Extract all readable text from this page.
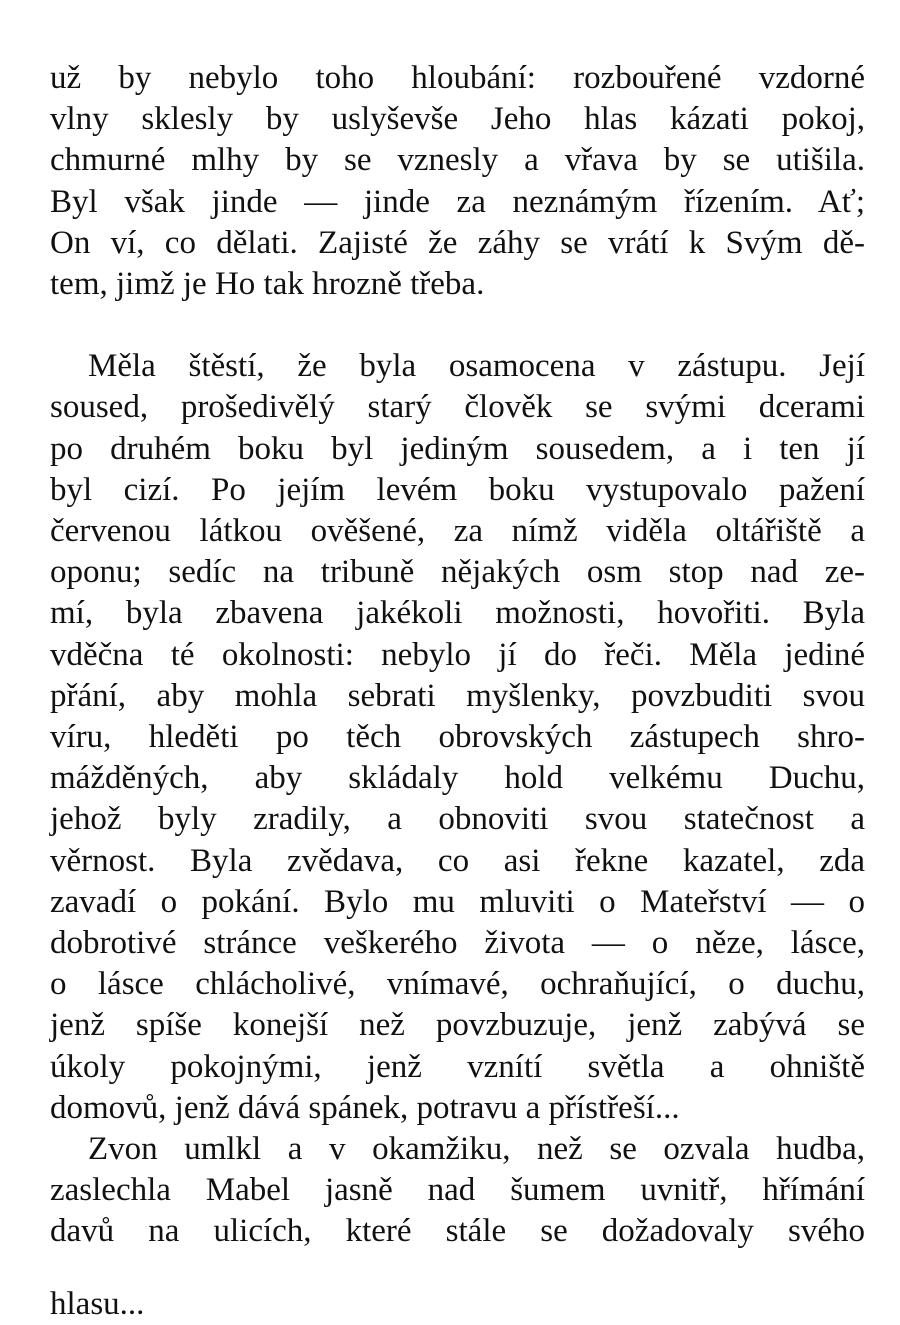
už by nebylo toho hloubání: rozbouřené vzdorné
vlny sklesly by uslyševše Jeho hlas kázati pokoj,
chmurné mlhy by se vznesly a vřava by se utišila.
Byl však jinde — jinde za neznámým řízením. Ať;
On ví, co dělati. Zajisté že záhy se vrátí k Svým dě-
tem, jimž je Ho tak hrozně třeba.
Měla štěstí, že byla osamocena v zástupu. Její
soused, prošedivělý starý člověk se svými dcerami
po druhém boku byl jediným sousedem, a i ten jí
byl cizí. Po jejím levém boku vystupovalo pažení
červenou látkou ověšené, za nímž viděla oltářiště a
oponu; sedíc na tribuně nějakých osm stop nad ze-
mí, byla zbavena jakékoli možnosti, hovořiti. Byla
vděčna té okolnosti: nebylo jí do řeči. Měla jediné
přání, aby mohla sebrati myšlenky, povzbuditi svou
víru, hleděti po těch obrovských zástupech shro-
mážděných, aby skládaly hold velkému Duchu,
jehož byly zradily, a obnoviti svou statečnost a
věrnost. Byla zvědava, co asi řekne kazatel, zda
zavadí o pokání. Bylo mu mluviti o Mateřství — o
dobrotivé stránce veškerého života — o něze, lásce,
o lásce chlácholivé, vnímavé, ochraňující, o duchu,
jenž spíše konejší než povzbuzuje, jenž zabývá se
úkoly pokojnými, jenž vznítí světla a ohniště
domovů, jenž dává spánek, potravu a přístřeší...
Zvon umlkl a v okamžiku, než se ozvala hudba,
zaslechla Mabel jasně nad šumem uvnitř, hřímání
davů na ulicích, které stále se dožadovaly svého
hlasu...
